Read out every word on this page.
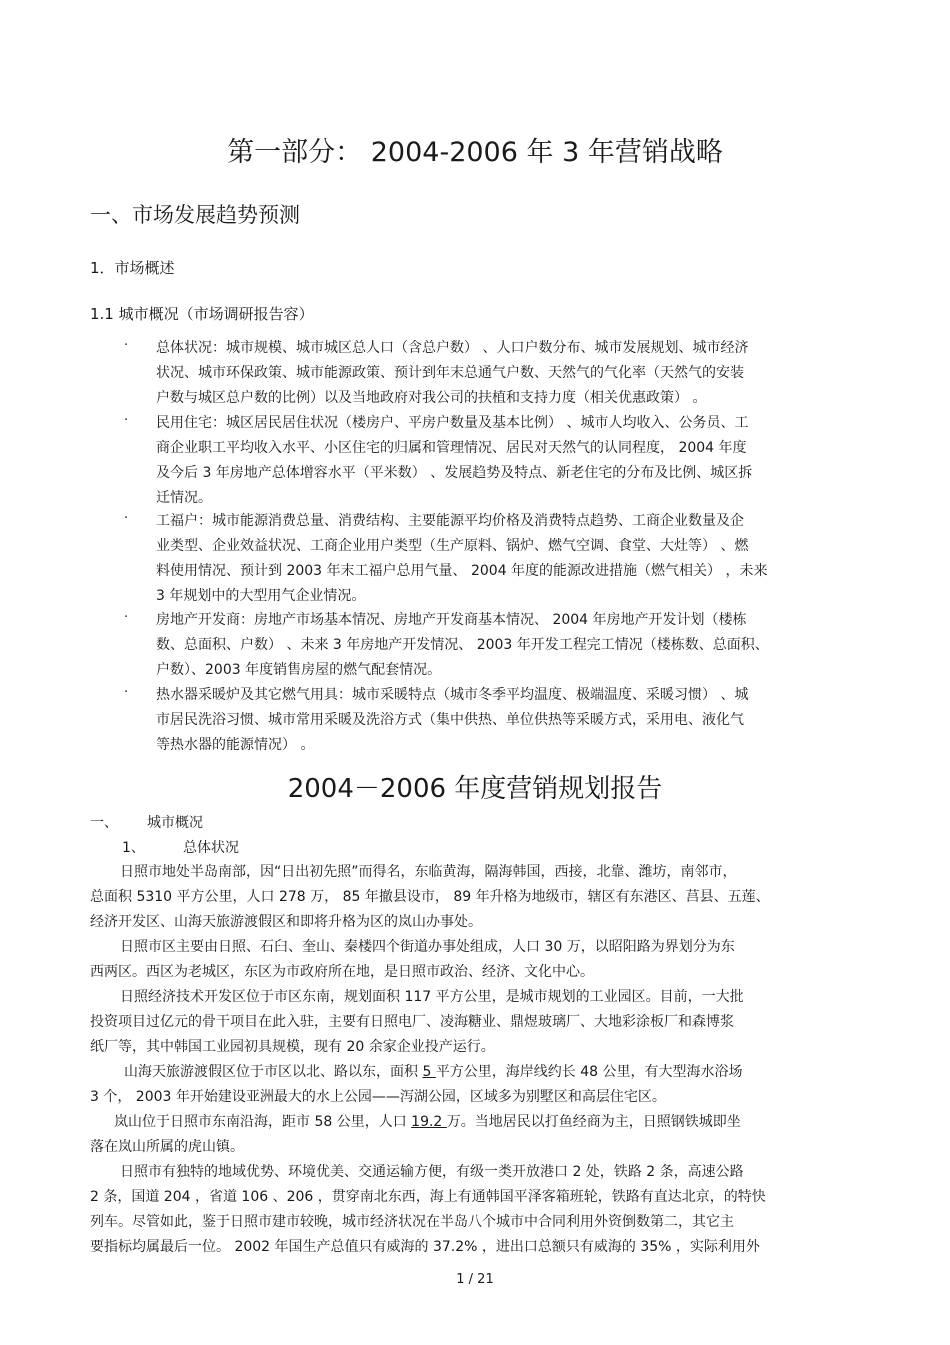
第一部分： 2004-2006 年 3 年营销战略
一、市场发展趋势预测
1．市场概述
1.1 城市概况（市场调研报告容）
· 总体状况：城市规模、城市城区总人口（含总户数） 、人口户数分布、城市发展规划、城市经济
状况、城市环保政策、城市能源政策、预计到年末总通气户数、天然气的气化率（天然气的安装
户数与城区总户数的比例）以及当地政府对我公司的扶植和支持力度（相关优惠政策） 。
· 民用住宅：城区居民居住状况（楼房户、平房户数量及基本比例） 、城市人均收入、公务员、工
商企业职工平均收入水平、小区住宅的归属和管理情况、居民对天然气的认同程度， 2004 年度
及今后 3 年房地产总体增容水平（平米数） 、发展趋势及特点、新老住宅的分布及比例、城区拆
迁情况。
· 工福户：城市能源消费总量、消费结构、主要能源平均价格及消费特点趋势、工商企业数量及企
业类型、企业效益状况、工商企业用户类型（生产原料、锅炉、燃气空调、食堂、大灶等） 、燃
料使用情况、预计到 2003 年末工福户总用气量、 2004 年度的能源改进措施（燃气相关） ，未来
3 年规划中的大型用气企业情况。
· 房地产开发商：房地产市场基本情况、房地产开发商基本情况、 2004 年房地产开发计划（楼栋
数、总面积、户数） 、未来 3 年房地产开发情况、 2003 年开发工程完工情况（楼栋数、总面积、
户数）、2003 年度销售房屋的燃气配套情况。
· 热水器采暖炉及其它燃气用具：城市采暖特点（城市冬季平均温度、极端温度、采暖习惯） 、城
市居民洗浴习惯、城市常用采暖及洗浴方式（集中供热、单位供热等采暖方式，采用电、液化气
等热水器的能源情况） 。
2004－2006 年度营销规划报告
一、 城市概况
1、	总体状况
日照市地处半岛南部，因“日出初先照”而得名，东临黄海，隔海韩国，西接，北靠、潍坊，南邻市，
总面积 5310 平方公里，人口 278 万， 85 年撤县设市， 89 年升格为地级市，辖区有东港区、莒县、五莲、
经济开发区、山海天旅游渡假区和即将升格为区的岚山办事处。
日照市区主要由日照、石臼、奎山、秦楼四个街道办事处组成，人口 30 万，以昭阳路为界划分为东
西两区。西区为老城区，东区为市政府所在地，是日照市政治、经济、文化中心。
日照经济技术开发区位于市区东南，规划面积 117 平方公里，是城市规划的工业园区。目前，一大批
投资项目过亿元的骨干项目在此入驻，主要有日照电厂、凌海糖业、鼎煜玻璃厂、大地彩涂板厂和森博浆
纸厂等，其中韩国工业园初具规模，现有 20 余家企业投产运行。
山海天旅游渡假区位于市区以北、路以东，面积 5 平方公里，海岸线约长 48 公里，有大型海水浴场
3 个， 2003 年开始建设亚洲最大的水上公园——泻湖公园，区域多为别墅区和高层住宅区。
岚山位于日照市东南沿海，距市 58 公里，人口 19.2 万。当地居民以打鱼经商为主，日照钢铁城即坐
落在岚山所属的虎山镇。
日照市有独特的地域优势、环境优美、交通运输方便，有级一类开放港口 2 处，铁路 2 条，高速公路
2 条，国道 204 ，省道 106 、206 ，贯穿南北东西，海上有通韩国平泽客箱班轮，铁路有直达北京，的特快
列车。尽管如此，鉴于日照市建市较晚，城市经济状况在半岛八个城市中合同利用外资倒数第二，其它主
要指标均属最后一位。 2002 年国生产总值只有威海的 37.2% ，进出口总额只有威海的 35% ，实际利用外
1 / 21
